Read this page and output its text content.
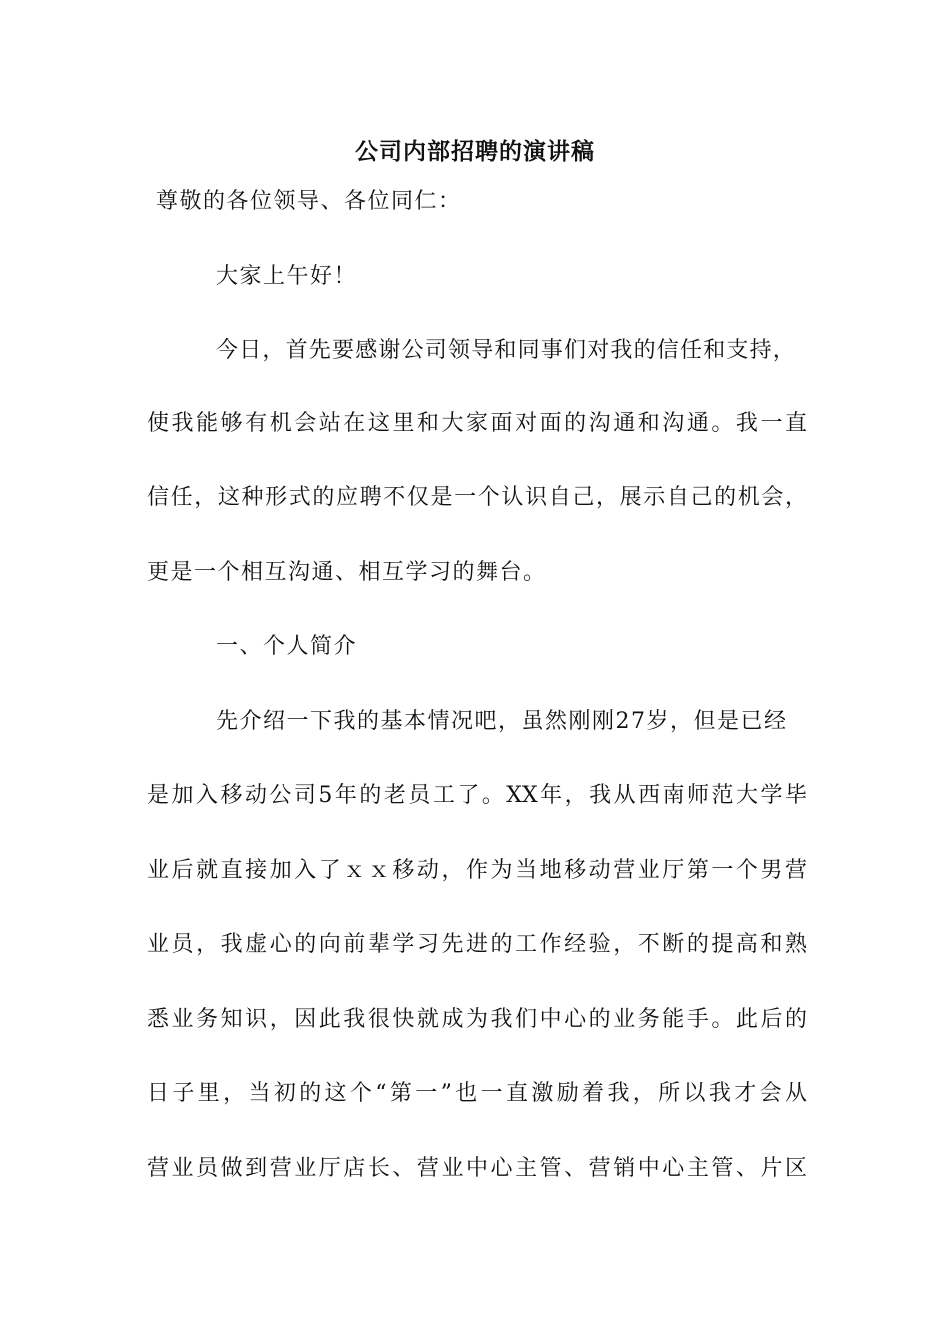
公司内部招聘的演讲稿
尊敬的各位领导、各位同仁：
大家上午好！
今日，首先要感谢公司领导和同事们对我的信任和支持，
使我能够有机会站在这里和大家面对面的沟通和沟通。我一直
信任，这种形式的应聘不仅是一个认识自己，展示自己的机会，
更是一个相互沟通、相互学习的舞台。
一、个人简介
先介绍一下我的基本情况吧，虽然刚刚27岁，但是已经
是加入移动公司5年的老员工了。XX年，我从西南师范大学毕
业后就直接加入了ｘｘ移动，作为当地移动营业厅第一个男营
业员，我虚心的向前辈学习先进的工作经验，不断的提高和熟
悉业务知识，因此我很快就成为我们中心的业务能手。此后的
日子里，当初的这个“第一”也一直激励着我，所以我才会从
营业员做到营业厅店长、营业中心主管、营销中心主管、片区
